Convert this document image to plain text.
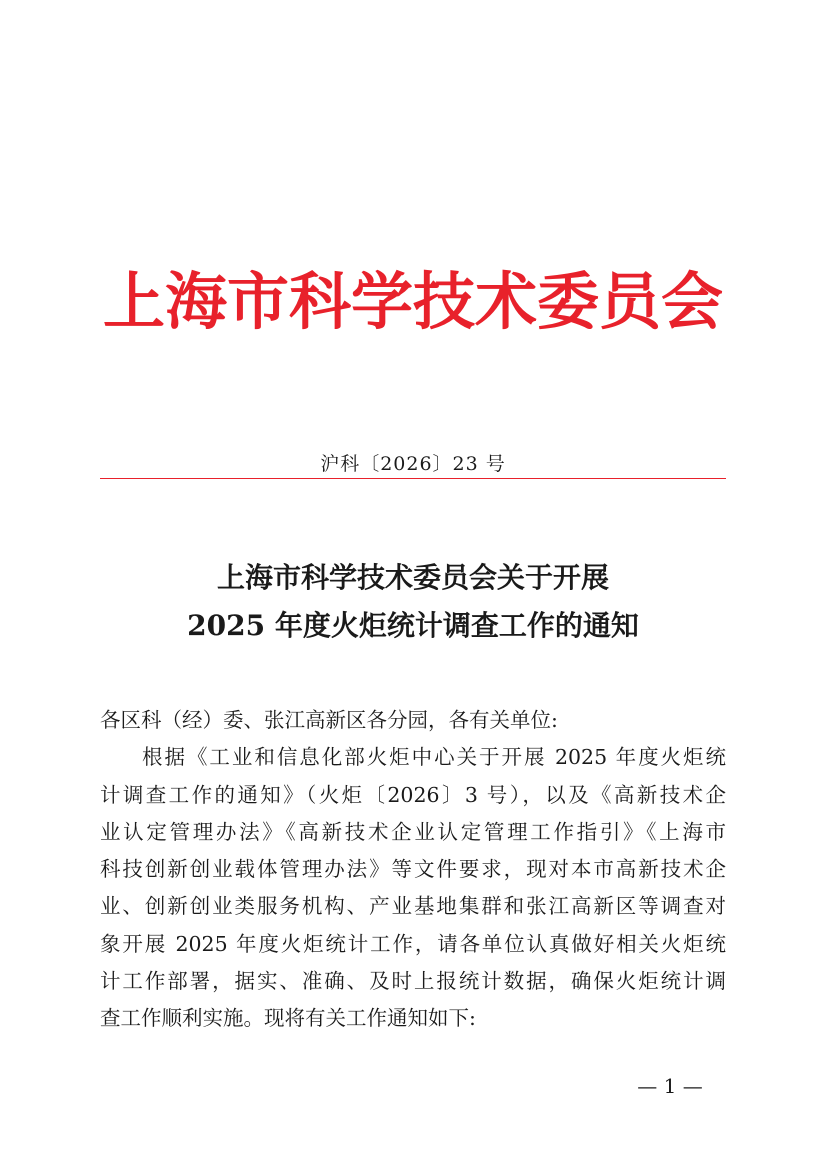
上海市科学技术委员会
沪科〔2026〕23 号
上海市科学技术委员会关于开展
2025 年度火炬统计调查工作的通知
各区科（经）委、张江高新区各分园，各有关单位:
根据《工业和信息化部火炬中心关于开展 2025 年度火炬统
计调查工作的通知》（火炬〔2026〕3 号），以及《高新技术企
业认定管理办法》《高新技术企业认定管理工作指引》《上海市
科技创新创业载体管理办法》等文件要求，现对本市高新技术企
业、创新创业类服务机构、产业基地集群和张江高新区等调查对
象开展 2025 年度火炬统计工作，请各单位认真做好相关火炬统
计工作部署，据实、准确、及时上报统计数据，确保火炬统计调
查工作顺利实施。现将有关工作通知如下:
— 1 —
